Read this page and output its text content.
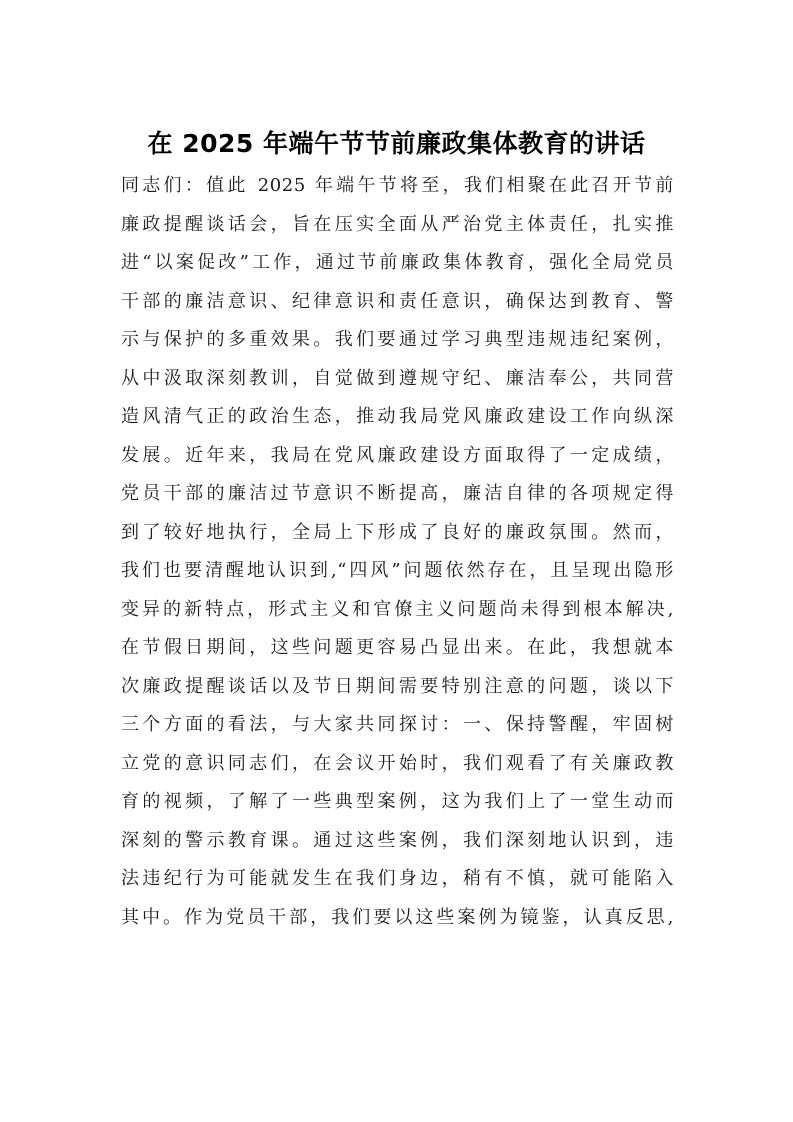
在 2025 年端午节节前廉政集体教育的讲话
同志们：值此 2025 年端午节将至，我们相聚在此召开节前
廉政提醒谈话会，旨在压实全面从严治党主体责任，扎实推
进“以案促改”工作，通过节前廉政集体教育，强化全局党员
干部的廉洁意识、纪律意识和责任意识，确保达到教育、警
示与保护的多重效果。我们要通过学习典型违规违纪案例，
从中汲取深刻教训，自觉做到遵规守纪、廉洁奉公，共同营
造风清气正的政治生态，推动我局党风廉政建设工作向纵深
发展。近年来，我局在党风廉政建设方面取得了一定成绩，
党员干部的廉洁过节意识不断提高，廉洁自律的各项规定得
到了较好地执行，全局上下形成了良好的廉政氛围。然而，
我们也要清醒地认识到,“四风”问题依然存在，且呈现出隐形
变异的新特点，形式主义和官僚主义问题尚未得到根本解决,
在节假日期间，这些问题更容易凸显出来。在此，我想就本
次廉政提醒谈话以及节日期间需要特别注意的问题，谈以下
三个方面的看法，与大家共同探讨：一、保持警醒，牢固树
立党的意识同志们，在会议开始时，我们观看了有关廉政教
育的视频，了解了一些典型案例，这为我们上了一堂生动而
深刻的警示教育课。通过这些案例，我们深刻地认识到，违
法违纪行为可能就发生在我们身边，稍有不慎，就可能陷入
其中。作为党员干部，我们要以这些案例为镜鉴，认真反思,
